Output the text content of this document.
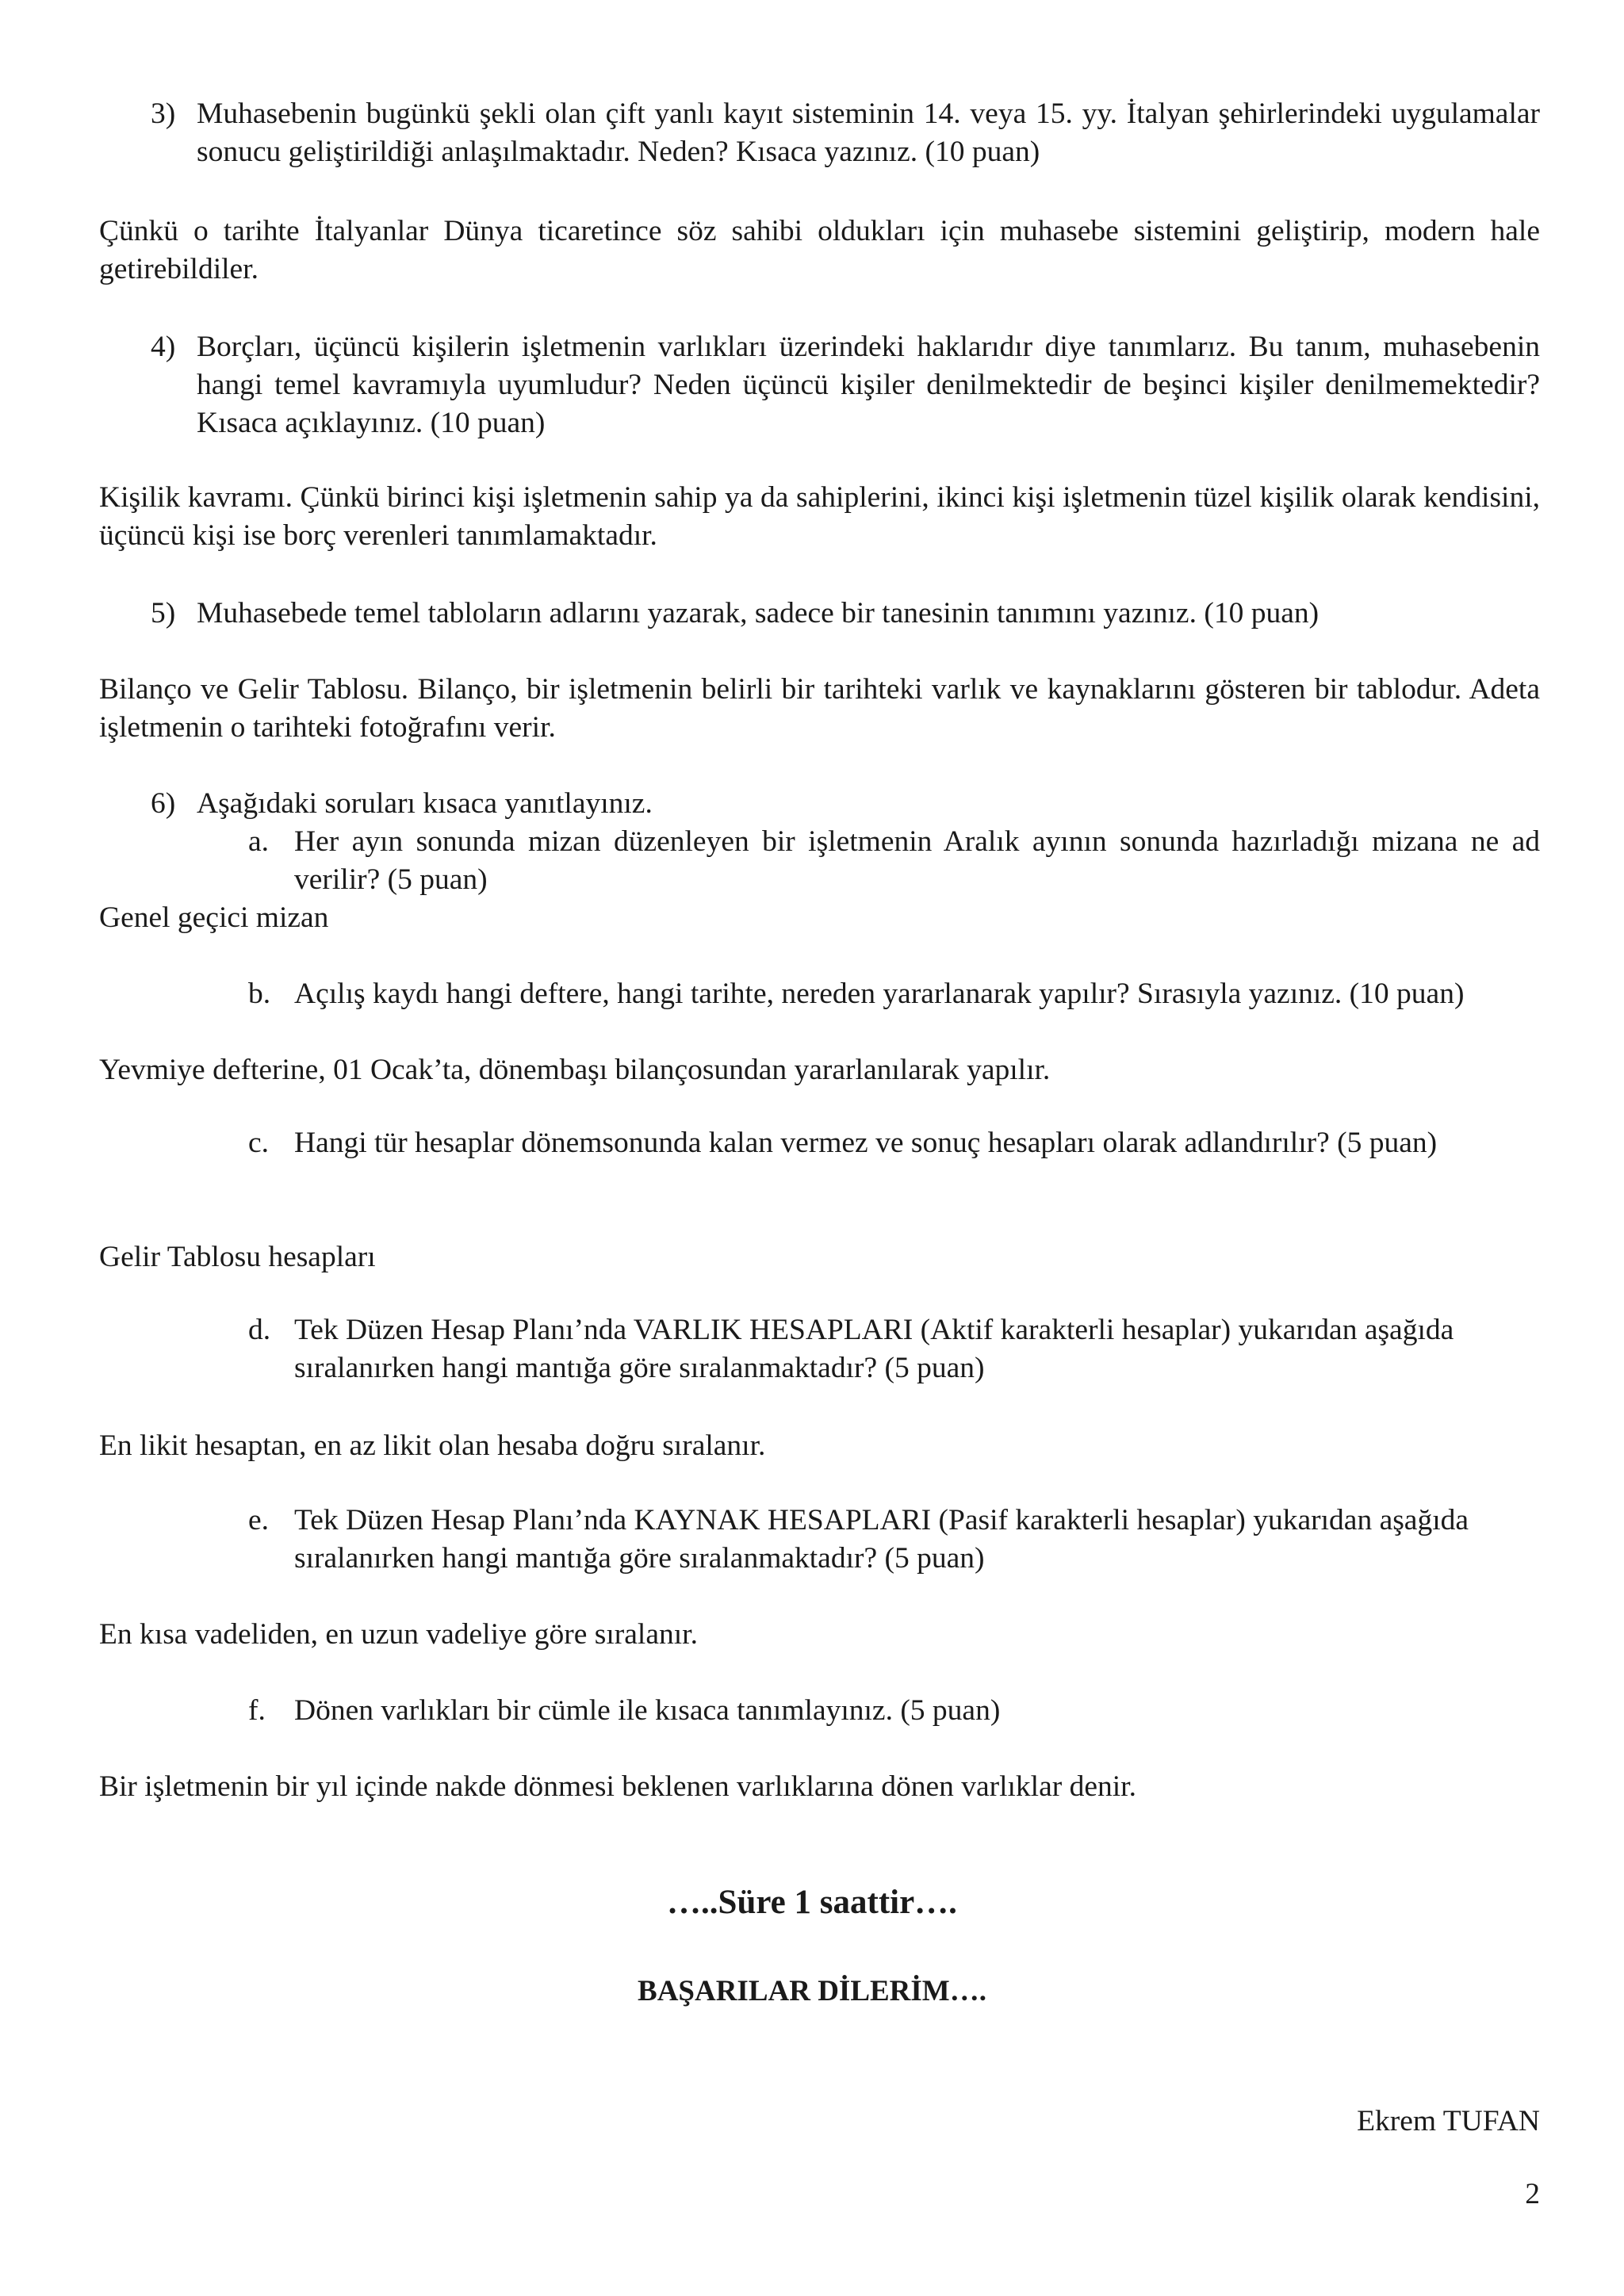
3) Muhasebenin bugünkü şekli olan çift yanlı kayıt sisteminin 14. veya 15. yy. İtalyan şehirlerindeki uygulamalar sonucu geliştirildiği anlaşılmaktadır. Neden? Kısaca yazınız. (10 puan)

Çünkü o tarihte İtalyanlar Dünya ticaretince söz sahibi oldukları için muhasebe sistemini geliştirip, modern hale getirebildiler.

4) Borçları, üçüncü kişilerin işletmenin varlıkları üzerindeki haklarıdır diye tanımlarız. Bu tanım, muhasebenin hangi temel kavramıyla uyumludur? Neden üçüncü kişiler denilmektedir de beşinci kişiler denilmemektedir? Kısaca açıklayınız. (10 puan)

Kişilik kavramı. Çünkü birinci kişi işletmenin sahip ya da sahiplerini, ikinci kişi işletmenin tüzel kişilik olarak kendisini, üçüncü kişi ise borç verenleri tanımlamaktadır.

5) Muhasebede temel tabloların adlarını yazarak, sadece bir tanesinin tanımını yazınız. (10 puan)

Bilanço ve Gelir Tablosu. Bilanço, bir işletmenin belirli bir tarihteki varlık ve kaynaklarını gösteren bir tablodur. Adeta işletmenin o tarihteki fotoğrafını verir.

6) Aşağıdaki soruları kısaca yanıtlayınız.
a. Her ayın sonunda mizan düzenleyen bir işletmenin Aralık ayının sonunda hazırladığı mizana ne ad verilir? (5 puan)

Genel geçici mizan

b. Açılış kaydı hangi deftere, hangi tarihte, nereden yararlanarak yapılır? Sırasıyla yazınız. (10 puan)

Yevmiye defterine, 01 Ocak’ta, dönembaşı bilançosundan yararlanılarak yapılır.

c. Hangi tür hesaplar dönemsonunda kalan vermez ve sonuç hesapları olarak adlandırılır? (5 puan)

Gelir Tablosu hesapları

d. Tek Düzen Hesap Planı’nda VARLIK HESAPLARI (Aktif karakterli hesaplar) yukarıdan aşağıda sıralanırken hangi mantığa göre sıralanmaktadır? (5 puan)

En likit hesaptan, en az likit olan hesaba doğru sıralanır.

e. Tek Düzen Hesap Planı’nda KAYNAK HESAPLARI (Pasif karakterli hesaplar) yukarıdan aşağıda sıralanırken hangi mantığa göre sıralanmaktadır? (5 puan)

En kısa vadeliden, en uzun vadeliye göre sıralanır.

f. Dönen varlıkları bir cümle ile kısaca tanımlayınız. (5 puan)

Bir işletmenin bir yıl içinde nakde dönmesi beklenen varlıklarına dönen varlıklar denir.

…..Süre 1 saattir….

BAŞARILAR DİLERİM….

Ekrem TUFAN

2
